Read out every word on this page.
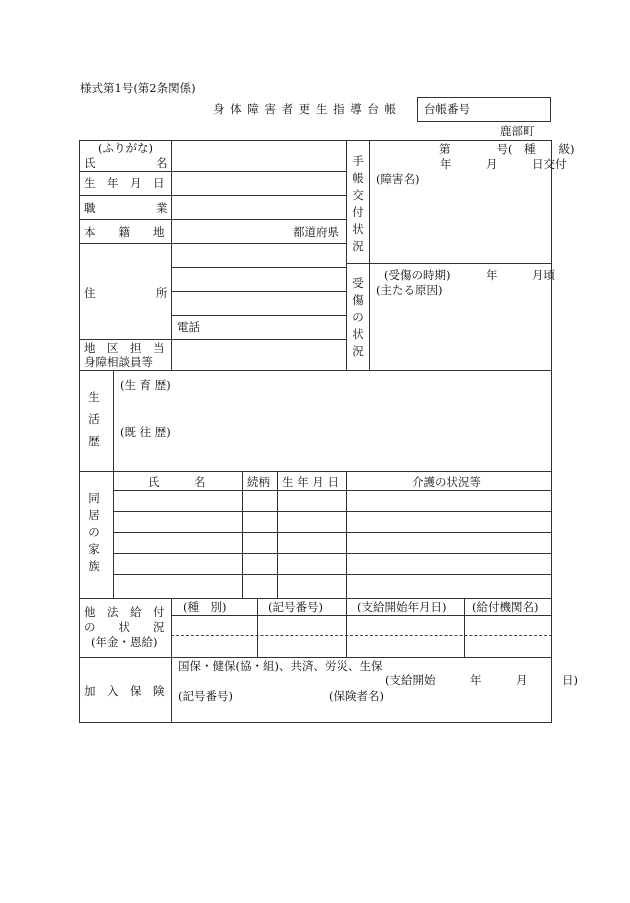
様式第1号(第2条関係)
身 体 障 害 者 更 生 指 導 台 帳 台帳番号
鹿部町
(ふりがな)
氏	名
生　年　月　日
職	業
本　　籍　　地	都道府県
住	所
電話
地　区　担　当
身障相談員等
手
帳
交
付
状
況
第　　　　号(　種　　級)
年　　　月　　　日交付
(障害名)
受
傷
の
状
況
(受傷の時期)	年　　　月頃
(主たる原因)
生
活
歴
(生 育 歴)
(既 往 歴)
同
居
の
家
族
氏　　　名	続柄 生 年 月 日	介護の状況等
他　法　給　付
の　　状　　況
(年金・恩給)
(種　別)	(記号番号)	(支給開始年月日) (給付機関名)
加　入　保　険
国保・健保(協・組)、共済、労災、生保
(支給開始　　　年　　　月　　　日)
(記号番号)	(保険者名)
